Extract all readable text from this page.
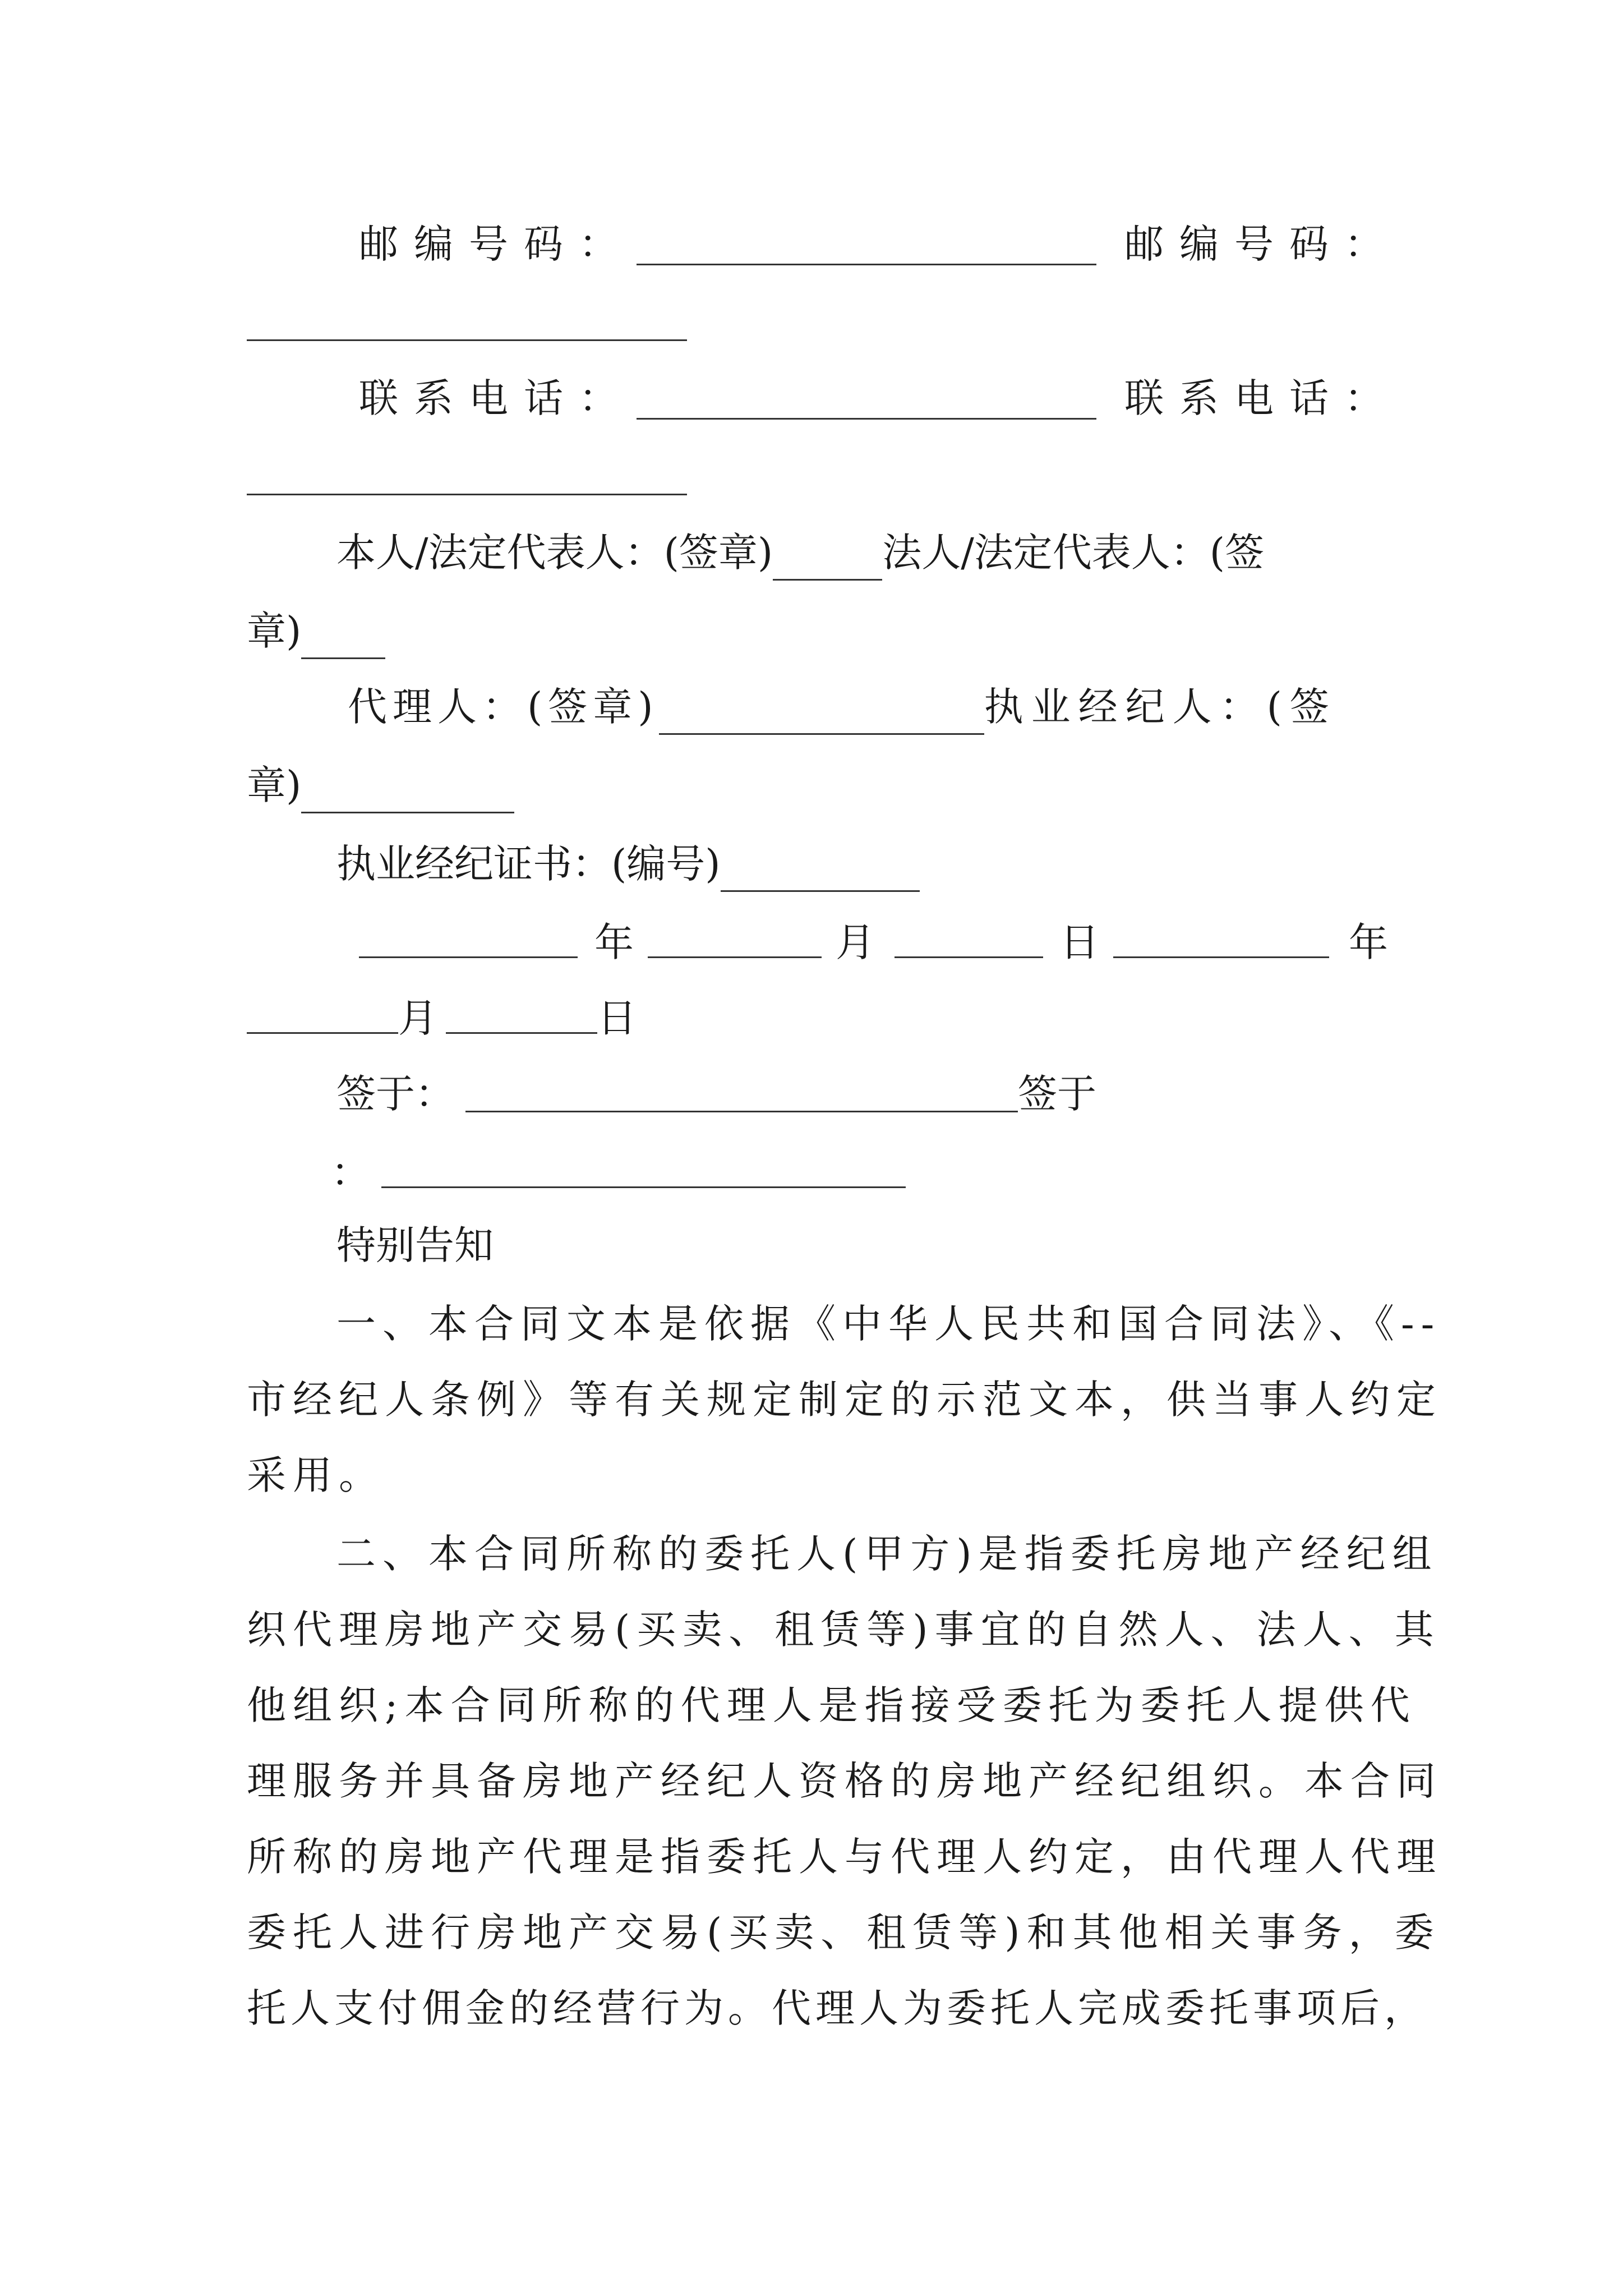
邮编号码：	邮编号码：
联系电话：	联系电话：
本人/法定代表人：(签章)	法人/法定代表人：(签
章)
代理人：(签章)	执业经纪人：(签
章)
执业经纪证书：(编号)
年	月	日	年
月	日
签于：	签于
：
特别告知
一、本合同文本是依据《中华人民共和国合同法》、《--
市经纪人条例》等有关规定制定的示范文本，供当事人约定
采用。
二、本合同所称的委托人(甲方)是指委托房地产经纪组
织代理房地产交易(买卖、租赁等)事宜的自然人、法人、其
他组织;本合同所称的代理人是指接受委托为委托人提供代
理服务并具备房地产经纪人资格的房地产经纪组织。本合同
所称的房地产代理是指委托人与代理人约定，由代理人代理
委托人进行房地产交易(买卖、租赁等)和其他相关事务，委
托人支付佣金的经营行为。代理人为委托人完成委托事项后，
